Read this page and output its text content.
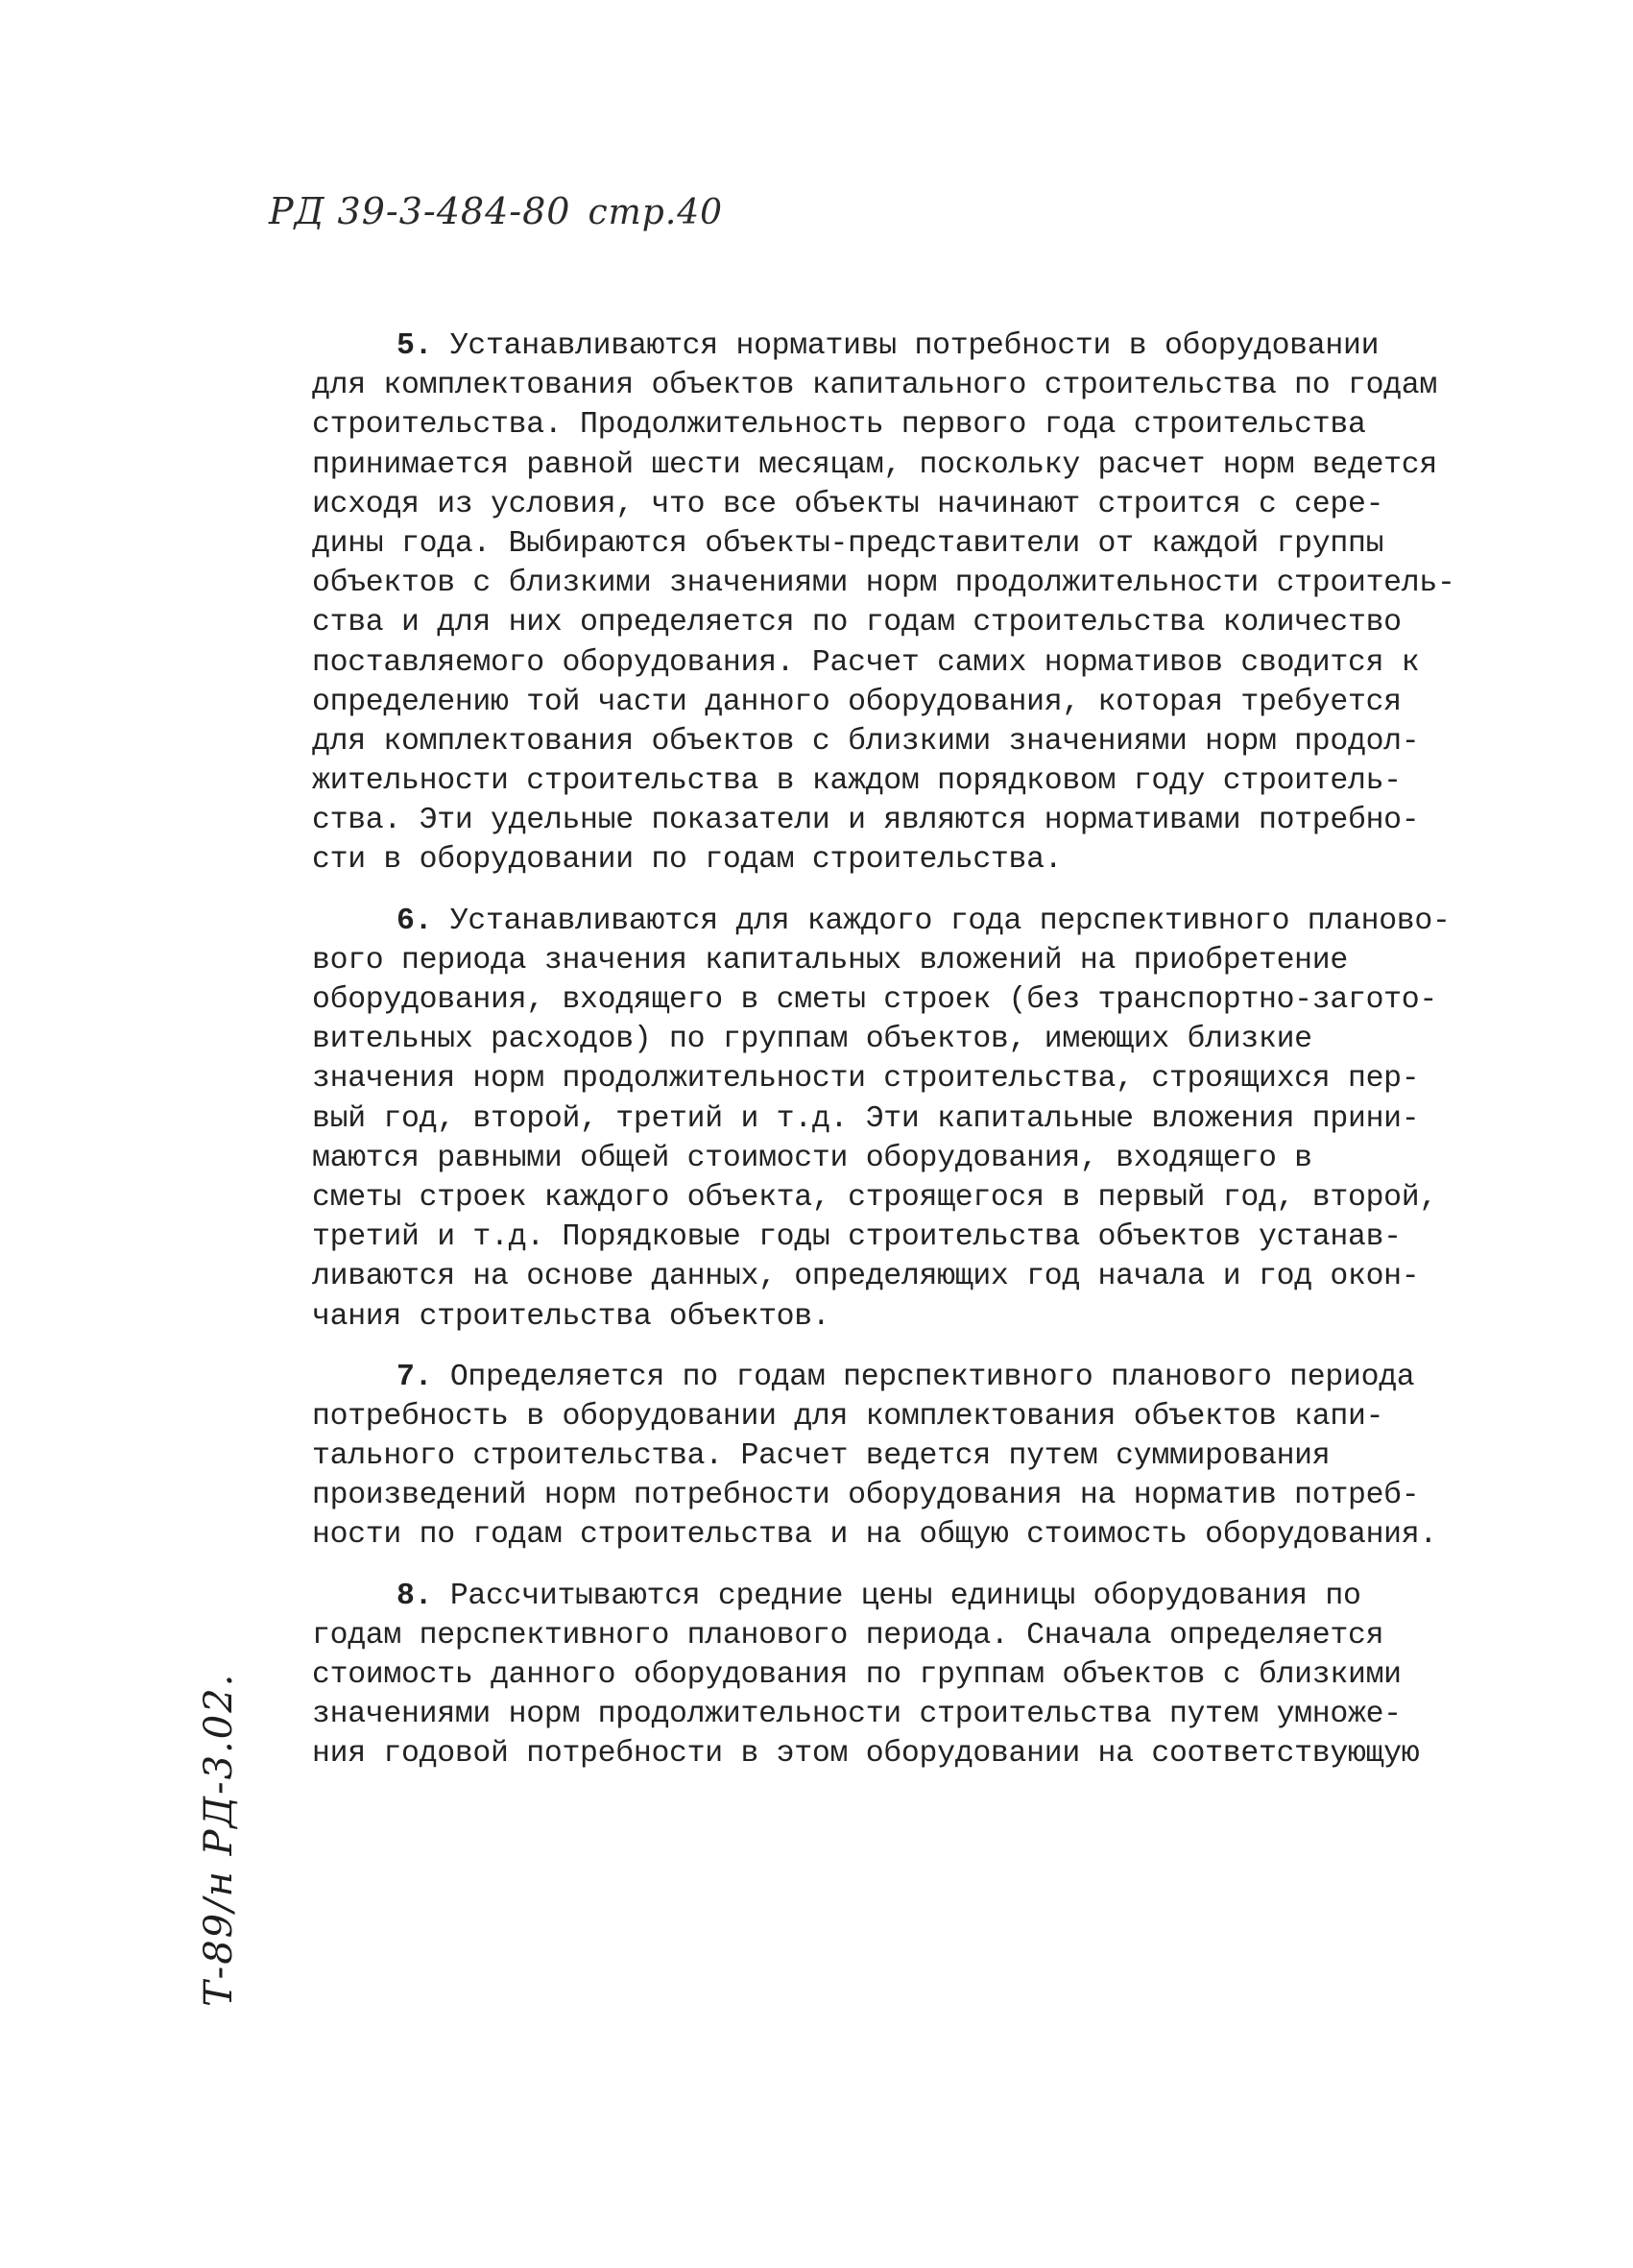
РД 39-3-484-80 стр.40
5. Устанавливаются нормативы потребности в оборудовании
для комплектования объектов капитального строительства по годам
строительства. Продолжительность первого года строительства
принимается равной шести месяцам, поскольку расчет норм ведется
исходя из условия, что все объекты начинают строится с сере-
дины года. Выбираются объекты-представители от каждой группы
объектов с близкими значениями норм продолжительности строитель-
ства и для них определяется по годам строительства количество
поставляемого оборудования. Расчет самих нормативов сводится к
определению той части данного оборудования, которая требуется
для комплектования объектов с близкими значениями норм продол-
жительности строительства в каждом порядковом году строитель-
ства. Эти удельные показатели и являются нормативами потребно-
сти в оборудовании по годам строительства.
6. Устанавливаются для каждого года перспективного планово-
вого периода значения капитальных вложений на приобретение
оборудования, входящего в сметы строек (без транспортно-загото-
вительных расходов) по группам объектов, имеющих близкие
значения норм продолжительности строительства, строящихся пер-
вый год, второй, третий и т.д. Эти капитальные вложения прини-
маются равными общей стоимости оборудования, входящего в
сметы строек каждого объекта, строящегося в первый год, второй,
третий и т.д. Порядковые годы строительства объектов устанав-
ливаются на основе данных, определяющих год начала и год окон-
чания строительства объектов.
7. Определяется по годам перспективного планового периода
потребность в оборудовании для комплектования объектов капи-
тального строительства. Расчет ведется путем суммирования
произведений норм потребности оборудования на норматив потреб-
ности по годам строительства и на общую стоимость оборудования.
8. Рассчитываются средние цены единицы оборудования по
годам перспективного планового периода. Сначала определяется
стоимость данного оборудования по группам объектов с близкими
значениями норм продолжительности строительства путем умноже-
ния годовой потребности в этом оборудовании на соответствующую
Т-89/н РД-3.02.
